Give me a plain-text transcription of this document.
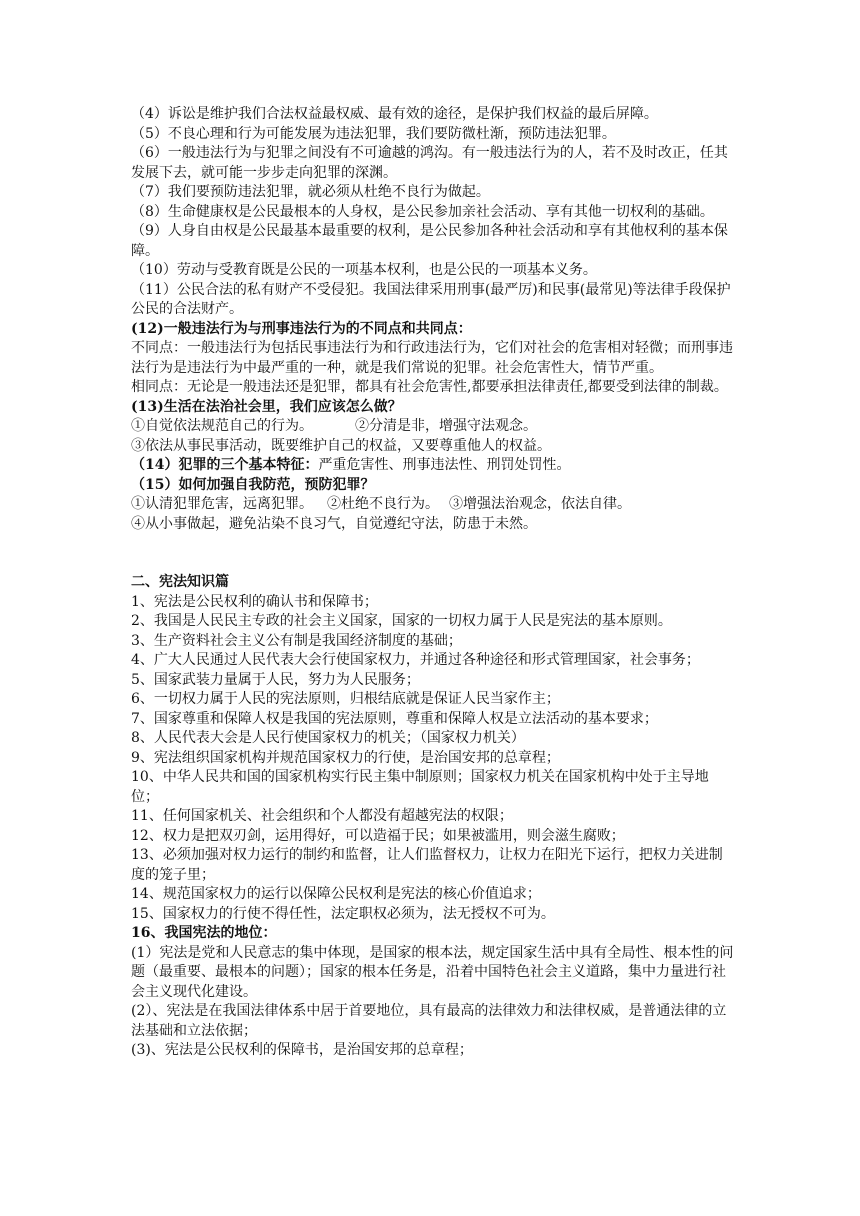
（4）诉讼是维护我们合法权益最权威、最有效的途径，是保护我们权益的最后屏障。

（5）不良心理和行为可能发展为违法犯罪，我们要防微杜渐，预防违法犯罪。

（6）一般违法行为与犯罪之间没有不可逾越的鸿沟。有一般违法行为的人，若不及时改正，任其发展下去，就可能一步步走向犯罪的深渊。

（7）我们要预防违法犯罪，就必须从杜绝不良行为做起。

（8）生命健康权是公民最根本的人身权，是公民参加亲社会活动、享有其他一切权利的基础。

（9）人身自由权是公民最基本最重要的权利，是公民参加各种社会活动和享有其他权利的基本保障。

（10）劳动与受教育既是公民的一项基本权利，也是公民的一项基本义务。

（11）公民合法的私有财产不受侵犯。我国法律采用刑事(最严厉)和民事(最常见)等法律手段保护公民的合法财产。

(12)一般违法行为与刑事违法行为的不同点和共同点：

不同点：一般违法行为包括民事违法行为和行政违法行为，它们对社会的危害相对轻微；而刑事违法行为是违法行为中最严重的一种，就是我们常说的犯罪。社会危害性大，情节严重。

相同点：无论是一般违法还是犯罪，都具有社会危害性,都要承担法律责任,都要受到法律的制裁。

(13)生活在法治社会里，我们应该怎么做？

①自觉依法规范自己的行为。	②分清是非，增强守法观念。

③依法从事民事活动，既要维护自己的权益，又要尊重他人的权益。

（14）犯罪的三个基本特征：严重危害性、刑事违法性、刑罚处罚性。

（15）如何加强自我防范，预防犯罪？

①认清犯罪危害，远离犯罪。 ②杜绝不良行为。 ③增强法治观念，依法自律。

④从小事做起，避免沾染不良习气，自觉遵纪守法，防患于未然。

二、宪法知识篇

1、宪法是公民权利的确认书和保障书；

2、我国是人民民主专政的社会主义国家，国家的一切权力属于人民是宪法的基本原则。

3、生产资料社会主义公有制是我国经济制度的基础；

4、广大人民通过人民代表大会行使国家权力，并通过各种途径和形式管理国家，社会事务；

5、国家武装力量属于人民，努力为人民服务；

6、一切权力属于人民的宪法原则，归根结底就是保证人民当家作主；

7、国家尊重和保障人权是我国的宪法原则，尊重和保障人权是立法活动的基本要求；

8、人民代表大会是人民行使国家权力的机关；（国家权力机关）

9、宪法组织国家机构并规范国家权力的行使，是治国安邦的总章程；

10、中华人民共和国的国家机构实行民主集中制原则；国家权力机关在国家机构中处于主导地位；

11、任何国家机关、社会组织和个人都没有超越宪法的权限；

12、权力是把双刃剑，运用得好，可以造福于民；如果被滥用，则会滋生腐败；

13、必须加强对权力运行的制约和监督，让人们监督权力，让权力在阳光下运行，把权力关进制度的笼子里；

14、规范国家权力的运行以保障公民权利是宪法的核心价值追求；

15、国家权力的行使不得任性，法定职权必须为，法无授权不可为。

16、我国宪法的地位：

(1）宪法是党和人民意志的集中体现，是国家的根本法，规定国家生活中具有全局性、根本性的问题（最重要、最根本的问题）；国家的根本任务是，沿着中国特色社会主义道路，集中力量进行社会主义现代化建设。

(2）、宪法是在我国法律体系中居于首要地位，具有最高的法律效力和法律权威，是普通法律的立法基础和立法依据；

(3)、宪法是公民权利的保障书，是治国安邦的总章程；
